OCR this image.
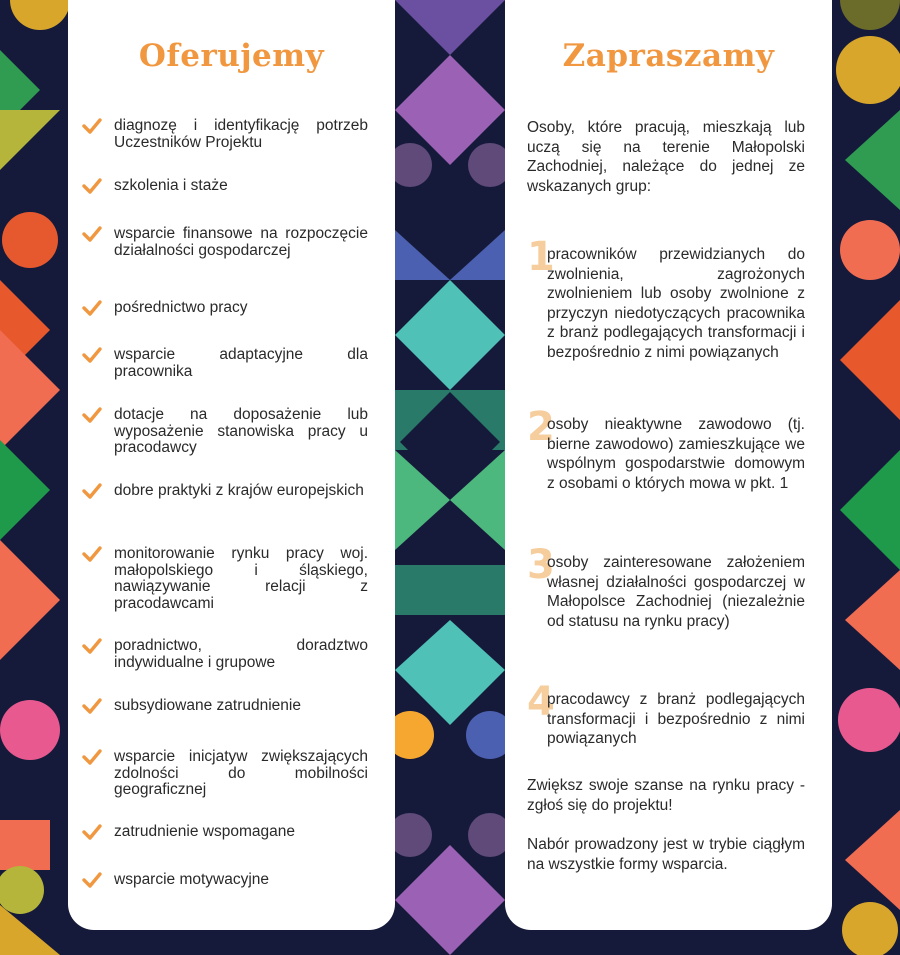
Oferujemy
diagnozę i identyfikację potrzeb Uczestników Projektu
szkolenia i staże
wsparcie finansowe na rozpoczęcie działalności gospodarczej
pośrednictwo pracy
wsparcie adaptacyjne dla pracownika
dotacje na doposażenie lub wyposażenie stanowiska pracy u pracodawcy
dobre praktyki z krajów europejskich
monitorowanie rynku pracy woj. małopolskiego i śląskiego, nawiązywanie relacji z pracodawcami
poradnictwo, doradztwo indywidualne i grupowe
subsydiowane zatrudnienie
wsparcie inicjatyw zwiększających zdolności do mobilności geograficznej
zatrudnienie wspomagane
wsparcie motywacyjne
Zapraszamy

Osoby, które pracują, mieszkają lub uczą się na terenie Małopolski Zachodniej, należące do jednej ze wskazanych grup:

1
pracowników przewidzianych do zwolnienia, zagrożonych zwolnieniem lub osoby zwolnione z przyczyn niedotyczących pracownika z branż podlegających transformacji i bezpośrednio z nimi powiązanych
2
osoby nieaktywne zawodowo (tj. bierne zawodowo) zamieszkujące we wspólnym gospodarstwie domowym z osobami o których mowa w pkt. 1
3
osoby zainteresowane założeniem własnej działalności gospodarczej w Małopolsce Zachodniej (niezależnie od statusu na rynku pracy)
4
pracodawcy z branż podlegających transformacji i bezpośrednio z nimi powiązanych

Zwiększ swoje szanse na rynku pracy - zgłoś się do projektu!

Nabór prowadzony jest w trybie ciągłym na wszystkie formy wsparcia.
